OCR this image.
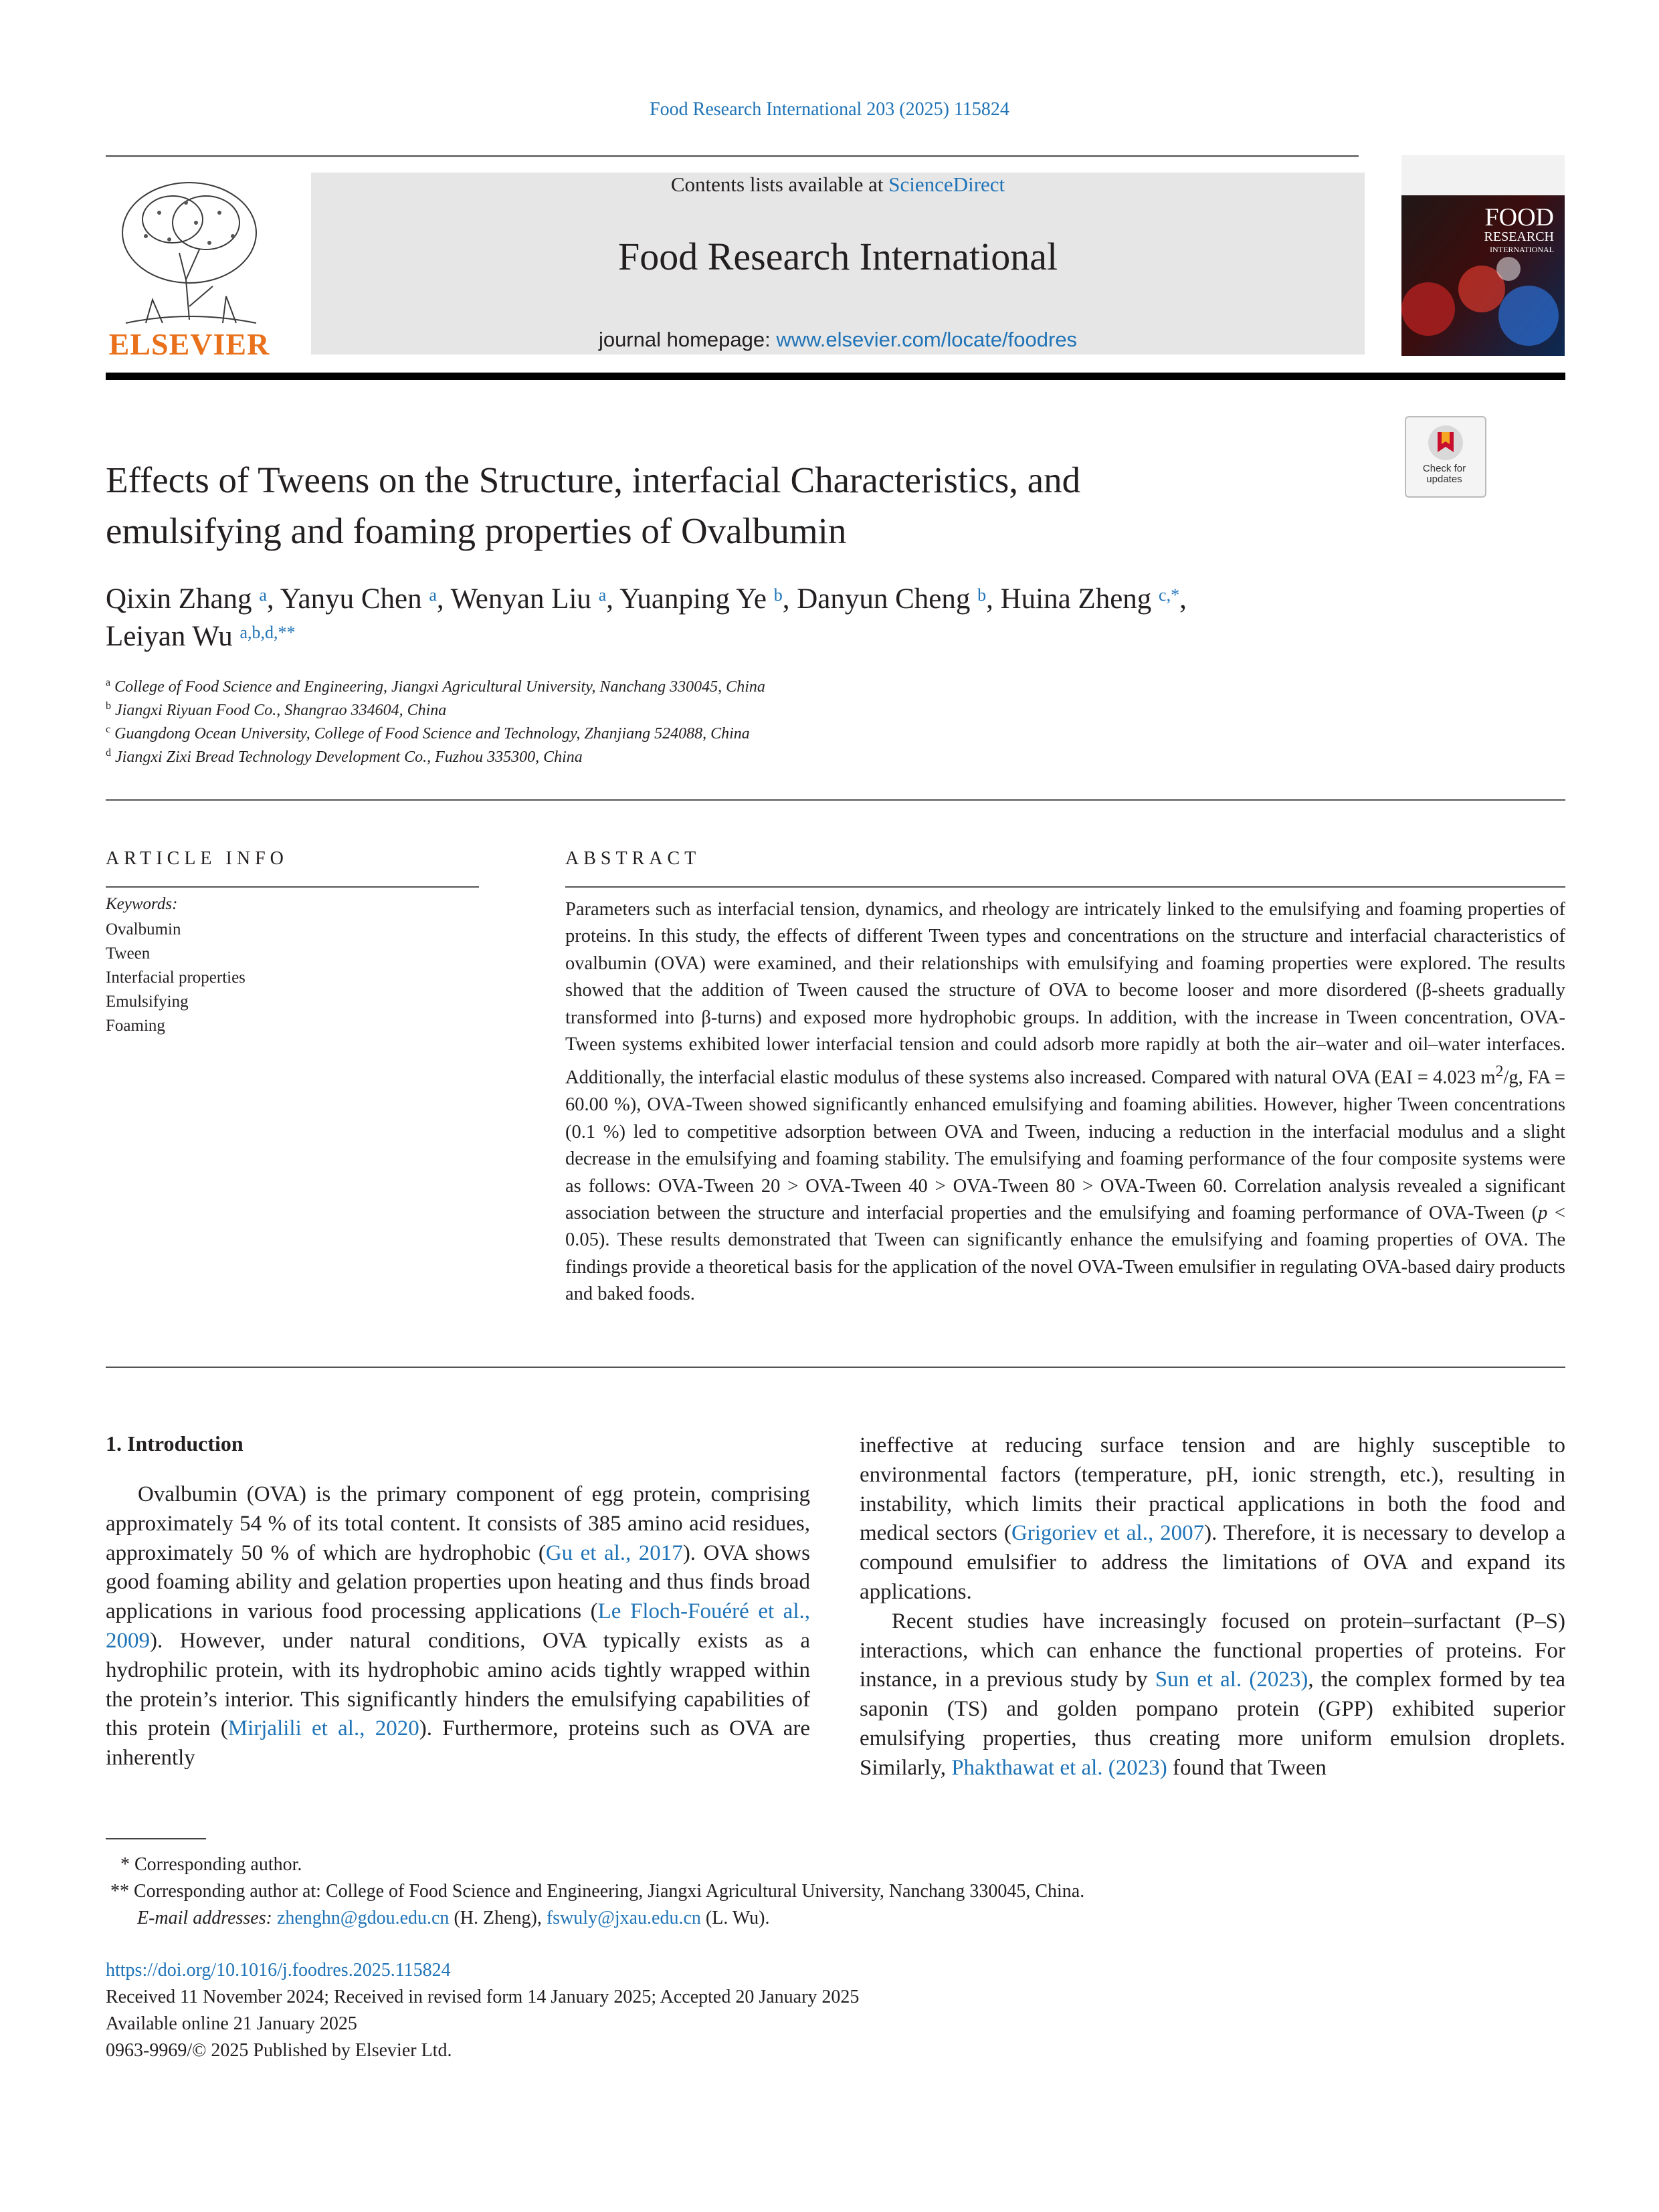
Food Research International 203 (2025) 115824
ELSEVIER
Contents lists available at ScienceDirect
Food Research International
journal homepage: www.elsevier.com/locate/foodres
FOOD
RESEARCH
INTERNATIONAL
Check for updates
Effects of Tweens on the Structure, interfacial Characteristics, and
emulsifying and foaming properties of Ovalbumin
Qixin Zhang $^a$, Yanyu Chen $^a$, Wenyan Liu $^a$, Yuanping Ye $^b$, Danyun Cheng $^b$, Huina Zheng $^{c,*}$,
Leiyan Wu $^{a,b,d,**}$
$^a$ College of Food Science and Engineering, Jiangxi Agricultural University, Nanchang 330045, China
$^b$ Jiangxi Riyuan Food Co., Shangrao 334604, China
$^c$ Guangdong Ocean University, College of Food Science and Technology, Zhanjiang 524088, China
$^d$ Jiangxi Zixi Bread Technology Development Co., Fuzhou 335300, China
ARTICLE INFO
Keywords:
Ovalbumin
Tween
Interfacial properties
Emulsifying
Foaming
ABSTRACT
Parameters such as interfacial tension, dynamics, and rheology are intricately linked to the emulsifying and foaming properties of proteins. In this study, the effects of different Tween types and concentrations on the structure and interfacial characteristics of ovalbumin (OVA) were examined, and their relationships with emulsifying and foaming properties were explored. The results showed that the addition of Tween caused the structure of OVA to become looser and more disordered (β-sheets gradually transformed into β-turns) and exposed more hydrophobic groups. In addition, with the increase in Tween concentration, OVA-Tween systems exhibited lower interfacial tension and could adsorb more rapidly at both the air–water and oil–water interfaces. Additionally, the interfacial elastic modulus of these systems also increased. Compared with natural OVA (EAI = 4.023 $m^2/g$, FA = 60.00 %), OVA-Tween showed significantly enhanced emulsifying and foaming abilities. However, higher Tween concentrations (0.1 %) led to competitive adsorption between OVA and Tween, inducing a reduction in the interfacial modulus and a slight decrease in the emulsifying and foaming stability. The emulsifying and foaming performance of the four composite systems were as follows: OVA-Tween 20 > OVA-Tween 40 > OVA-Tween 80 > OVA-Tween 60. Correlation analysis revealed a significant association between the structure and interfacial properties and the emulsifying and foaming performance of OVA-Tween (p < 0.05). These results demonstrated that Tween can significantly enhance the emulsifying and foaming properties of OVA. The findings provide a theoretical basis for the application of the novel OVA-Tween emulsifier in regulating OVA-based dairy products and baked foods.
1. Introduction
Ovalbumin (OVA) is the primary component of egg protein, comprising approximately 54 % of its total content. It consists of 385 amino acid residues, approximately 50 % of which are hydrophobic (Gu et al., 2017). OVA shows good foaming ability and gelation properties upon heating and thus finds broad applications in various food processing applications (Le Floch-Fouéré et al., 2009). However, under natural conditions, OVA typically exists as a hydrophilic protein, with its hydrophobic amino acids tightly wrapped within the protein’s interior. This significantly hinders the emulsifying capabilities of this protein (Mirjalili et al., 2020). Furthermore, proteins such as OVA are inherently
ineffective at reducing surface tension and are highly susceptible to environmental factors (temperature, pH, ionic strength, etc.), resulting in instability, which limits their practical applications in both the food and medical sectors (Grigoriev et al., 2007). Therefore, it is necessary to develop a compound emulsifier to address the limitations of OVA and expand its applications.
Recent studies have increasingly focused on protein–surfactant (P–S) interactions, which can enhance the functional properties of proteins. For instance, in a previous study by Sun et al. (2023), the complex formed by tea saponin (TS) and golden pompano protein (GPP) exhibited superior emulsifying properties, thus creating more uniform emulsion droplets. Similarly, Phakthawat et al. (2023) found that Tween
* Corresponding author.
** Corresponding author at: College of Food Science and Engineering, Jiangxi Agricultural University, Nanchang 330045, China.
E-mail addresses: zhenghn@gdou.edu.cn (H. Zheng), fswuly@jxau.edu.cn (L. Wu).
https://doi.org/10.1016/j.foodres.2025.115824
Received 11 November 2024; Received in revised form 14 January 2025; Accepted 20 January 2025
Available online 21 January 2025
0963-9969/© 2025 Published by Elsevier Ltd.
